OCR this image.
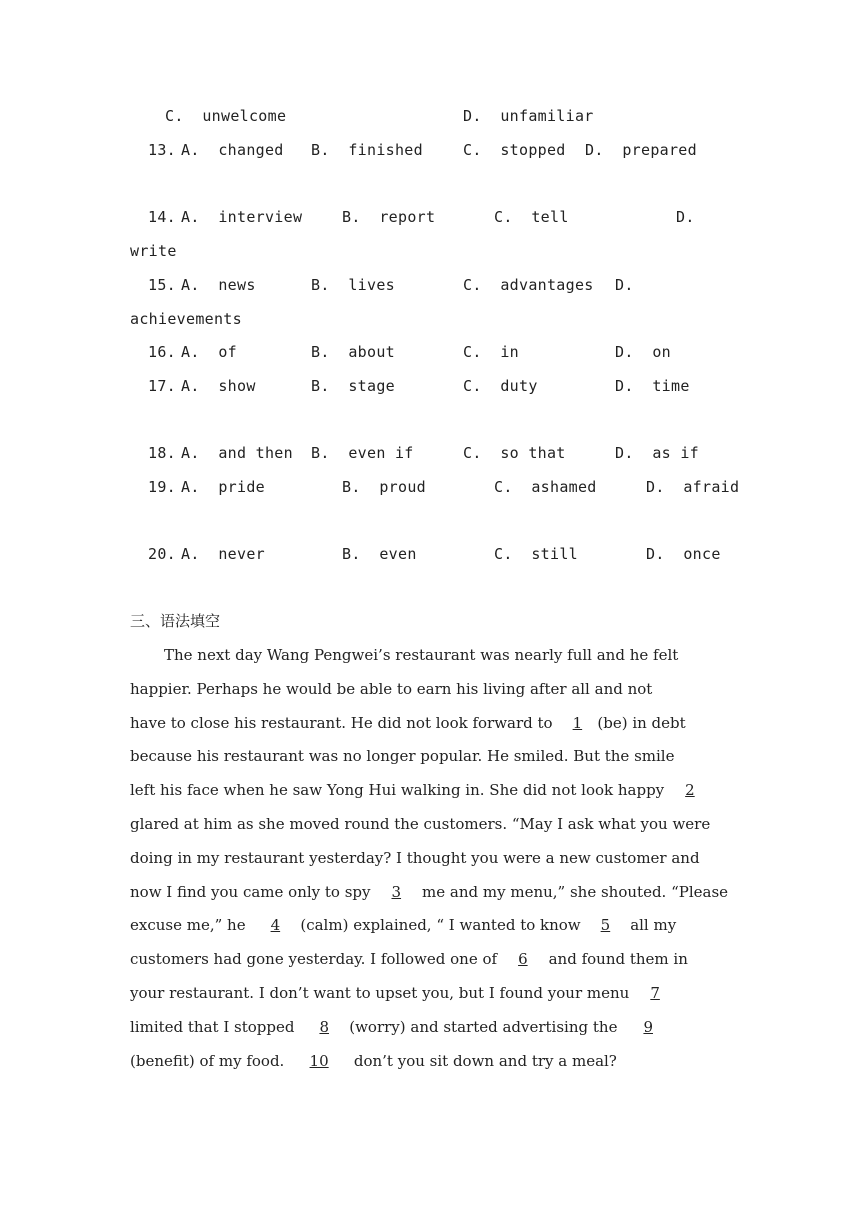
C.  unwelcome	D.  unfamiliar
13. A.  changed B.  finished	C.  stopped D.  prepared
14. A.  interview	B.  report	C.  tell	D.
write
15. A.  news	B.  lives	C.  advantages D.
achievements
16. A.  of	B.  about	C.  in	D.  on
17. A.  show	B.  stage	C.  duty	D.  time
18. A.  and then B.  even if	C.  so that	D.  as if
19. A.  pride	B.  proud	C.  ashamed	D.  afraid
20. A.  never	B.  even	C.  still	D.  once
三、语法填空
The next day Wang Pengwei’s restaurant was nearly full and he felt
happier. Perhaps he would be able to earn his living after all and not
have to close his restaurant. He did not look forward to 1 (be) in debt
because his restaurant was no longer popular. He smiled. But the smile
left his face when he saw Yong Hui walking in. She did not look happy 2
glared at him as she moved round the customers. “May I ask what you were
doing in my restaurant yesterday? I thought you were a new customer and
now I find you came only to spy 3 me and my menu,” she shouted. “Please
excuse me,” he 4 (calm) explained, “ I wanted to know 5 all my
customers had gone yesterday. I followed one of 6 and found them in
your restaurant. I don’t want to upset you, but I found your menu 7
limited that I stopped 8 (worry) and started advertising the 9
(benefit) of my food. 10 don’t you sit down and try a meal?
